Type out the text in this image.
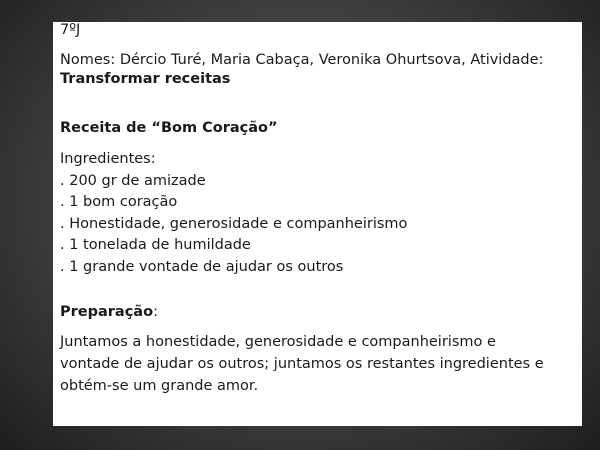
7ºJ
Nomes: Dércio Turé, Maria Cabaça, Veronika Ohurtsova, Atividade:
Transformar receitas
Receita de “Bom Coração”
Ingredientes:
. 200 gr de amizade
. 1 bom coração
. Honestidade, generosidade e companheirismo
. 1 tonelada de humildade
. 1 grande vontade de ajudar os outros
Preparação:
Juntamos a honestidade, generosidade e companheirismo e
vontade de ajudar os outros; juntamos os restantes ingredientes e
obtém-se um grande amor.
